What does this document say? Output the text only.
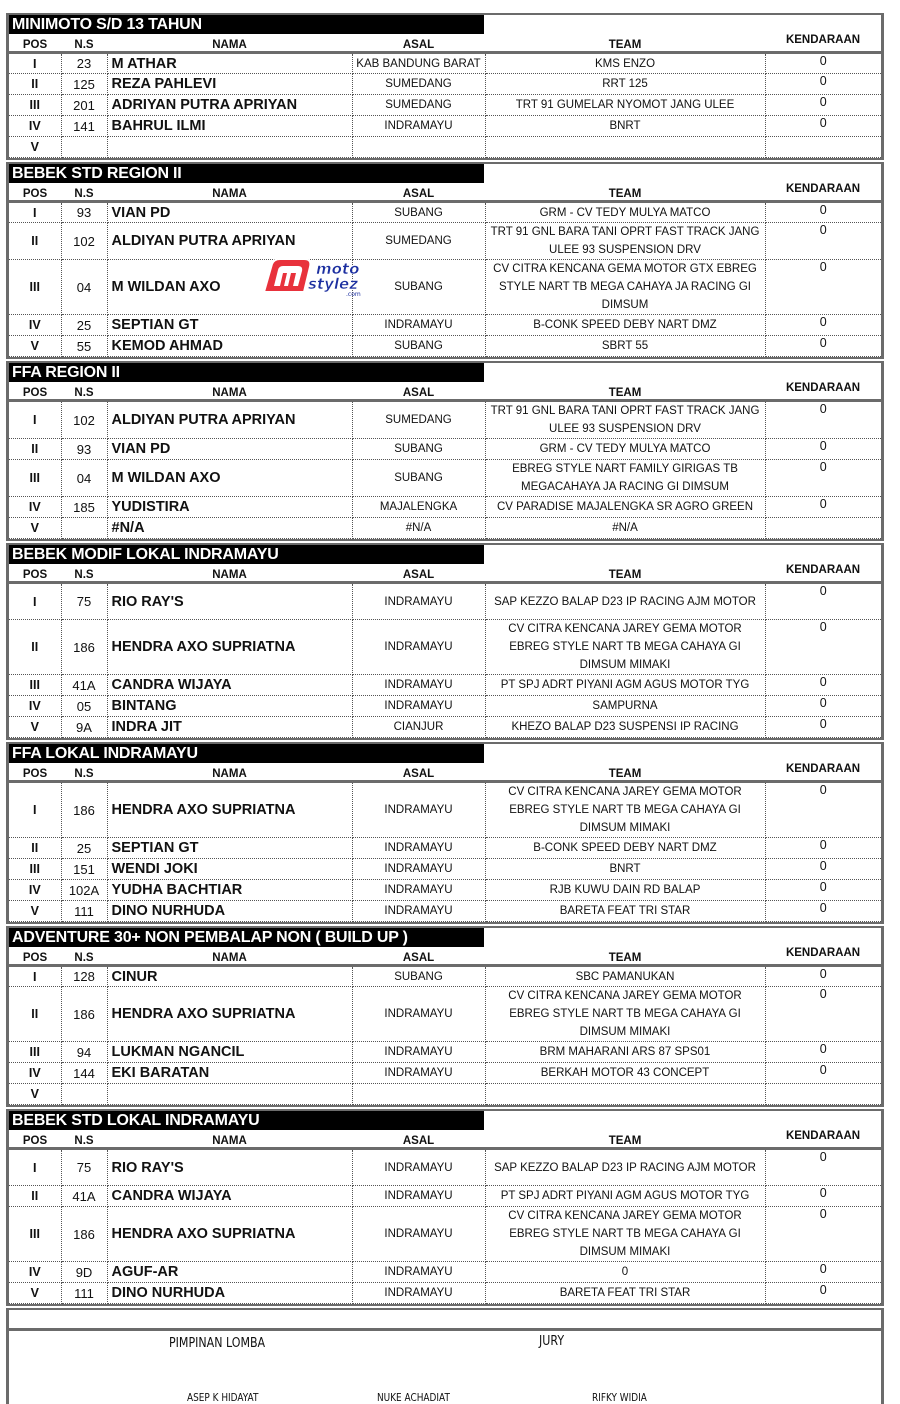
MINIMOTO S/D 13 TAHUN
POS	N.S	NAMA	ASAL	TEAM	KENDARAAN
I	23	M ATHAR	KAB BANDUNG BARAT	KMS ENZO	0
II	125	REZA PAHLEVI	SUMEDANG	RRT 125	0
III	201	ADRIYAN PUTRA APRIYAN	SUMEDANG	TRT 91 GUMELAR NYOMOT JANG ULEE	0
IV	141	BAHRUL ILMI	INDRAMAYU	BNRT	0
V					
BEBEK STD REGION II
POS	N.S	NAMA	ASAL	TEAM	KENDARAAN
I	93	VIAN PD	SUBANG	GRM - CV TEDY MULYA MATCO	0
II	102	ALDIYAN PUTRA APRIYAN	SUMEDANG	TRT 91 GNL BARA TANI OPRT FAST TRACK JANG ULEE 93 SUSPENSION DRV	0
III	04	M WILDAN AXO	SUBANG	CV CITRA KENCANA GEMA MOTOR GTX EBREG STYLE NART TB MEGA CAHAYA JA RACING GI DIMSUM	0
IV	25	SEPTIAN GT	INDRAMAYU	B-CONK SPEED DEBY NART DMZ	0
V	55	KEMOD AHMAD	SUBANG	SBRT 55	0
FFA REGION II
POS	N.S	NAMA	ASAL	TEAM	KENDARAAN
I	102	ALDIYAN PUTRA APRIYAN	SUMEDANG	TRT 91 GNL BARA TANI OPRT FAST TRACK JANG ULEE 93 SUSPENSION DRV	0
II	93	VIAN PD	SUBANG	GRM - CV TEDY MULYA MATCO	0
III	04	M WILDAN AXO	SUBANG	EBREG STYLE NART FAMILY GIRIGAS TB MEGACAHAYA JA RACING GI DIMSUM	0
IV	185	YUDISTIRA	MAJALENGKA	CV PARADISE MAJALENGKA SR AGRO GREEN	0
V		#N/A	#N/A	#N/A	
BEBEK MODIF LOKAL INDRAMAYU
POS	N.S	NAMA	ASAL	TEAM	KENDARAAN
I	75	RIO RAY'S	INDRAMAYU	SAP KEZZO BALAP D23 IP RACING AJM MOTOR	0
II	186	HENDRA AXO SUPRIATNA	INDRAMAYU	CV CITRA KENCANA JAREY GEMA MOTOR EBREG STYLE NART TB MEGA CAHAYA GI DIMSUM MIMAKI	0
III	41A	CANDRA WIJAYA	INDRAMAYU	PT SPJ ADRT PIYANI AGM AGUS MOTOR TYG	0
IV	05	BINTANG	INDRAMAYU	SAMPURNA	0
V	9A	INDRA JIT	CIANJUR	KHEZO BALAP D23 SUSPENSI IP RACING	0
FFA LOKAL INDRAMAYU
POS	N.S	NAMA	ASAL	TEAM	KENDARAAN
I	186	HENDRA AXO SUPRIATNA	INDRAMAYU	CV CITRA KENCANA JAREY GEMA MOTOR EBREG STYLE NART TB MEGA CAHAYA GI DIMSUM MIMAKI	0
II	25	SEPTIAN GT	INDRAMAYU	B-CONK SPEED DEBY NART DMZ	0
III	151	WENDI JOKI	INDRAMAYU	BNRT	0
IV	102A	YUDHA BACHTIAR	INDRAMAYU	RJB KUWU DAIN RD BALAP	0
V	111	DINO NURHUDA	INDRAMAYU	BARETA FEAT TRI STAR	0
ADVENTURE 30+ NON PEMBALAP NON ( BUILD UP )
POS	N.S	NAMA	ASAL	TEAM	KENDARAAN
I	128	CINUR	SUBANG	SBC PAMANUKAN	0
II	186	HENDRA AXO SUPRIATNA	INDRAMAYU	CV CITRA KENCANA JAREY GEMA MOTOR EBREG STYLE NART TB MEGA CAHAYA GI DIMSUM MIMAKI	0
III	94	LUKMAN NGANCIL	INDRAMAYU	BRM MAHARANI ARS 87 SPS01	0
IV	144	EKI BARATAN	INDRAMAYU	BERKAH MOTOR 43 CONCEPT	0
V					
BEBEK STD LOKAL INDRAMAYU
POS	N.S	NAMA	ASAL	TEAM	KENDARAAN
I	75	RIO RAY'S	INDRAMAYU	SAP KEZZO BALAP D23 IP RACING AJM MOTOR	0
II	41A	CANDRA WIJAYA	INDRAMAYU	PT SPJ ADRT PIYANI AGM AGUS MOTOR TYG	0
III	186	HENDRA AXO SUPRIATNA	INDRAMAYU	CV CITRA KENCANA JAREY GEMA MOTOR EBREG STYLE NART TB MEGA CAHAYA GI DIMSUM MIMAKI	0
IV	9D	AGUF-AR	INDRAMAYU	0	0
V	111	DINO NURHUDA	INDRAMAYU	BARETA FEAT TRI STAR	0
PIMPINAN LOMBA	JURY
ASEP K HIDAYAT	NUKE ACHADIAT	RIFKY WIDIA
moto
stylez
.com
